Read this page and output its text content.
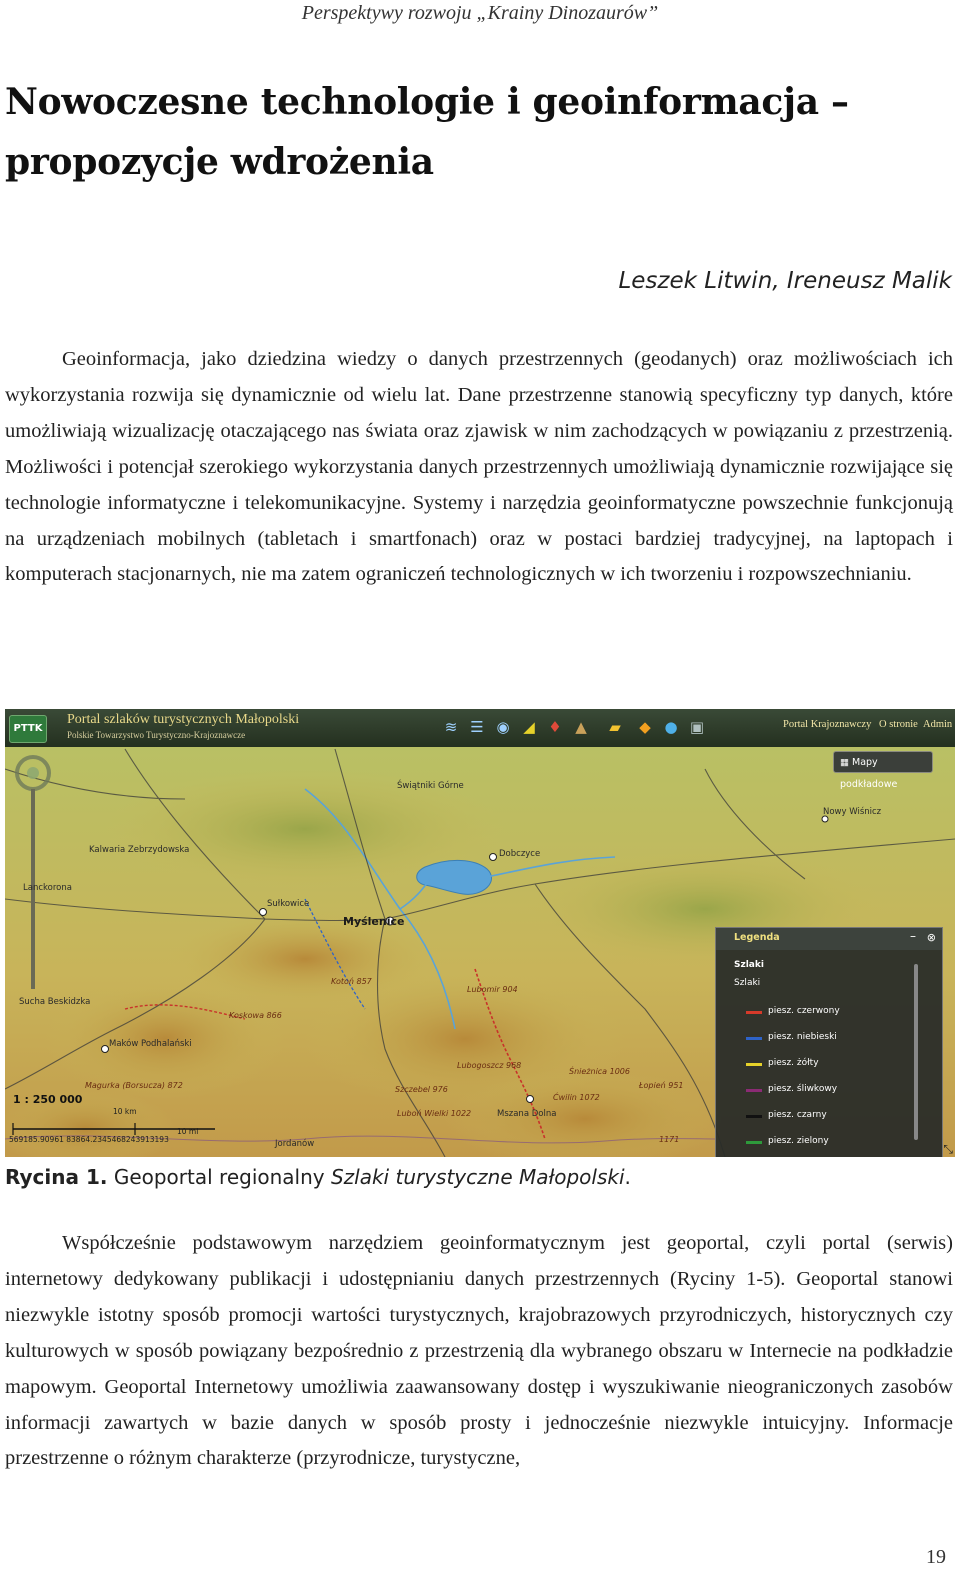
Perspektywy rozwoju „Krainy Dinozaurów”
Nowoczesne technologie i geoinformacja – propozycje wdrożenia
Leszek Litwin, Ireneusz Malik

Geoinformacja, jako dziedzina wiedzy o danych przestrzennych (geodanych) oraz możliwościach ich wykorzystania rozwija się dynamicznie od wielu lat. Dane przestrzenne stanowią specyficzny typ danych, które umożliwiają wizualizację otaczającego nas świata oraz zjawisk w nim zachodzących w powiązaniu z przestrzenią. Możliwości i potencjał szerokiego wykorzystania danych przestrzennych umożliwiają dynamicznie rozwijające się technologie informatyczne i telekomunikacyjne. Systemy i narzędzia geoinformatyczne powszechnie funkcjonują na urządzeniach mobilnych (tabletach i smartfonach) oraz w postaci bardziej tradycyjnej, na laptopach i komputerach stacjonarnych, nie ma zatem ograniczeń technologicznych w ich tworzeniu i rozpowszechnianiu.

PTTK
Portal szlaków turystycznych Małopolski
Polskie Towarzystwo Turystyczno-Krajoznawcze	≋ ☰ ◉ ◢ ♦ ▲ ▰ ◆ ● ▣	Portal Krajoznawczy O stronie Admin
▦ Mapy podkładowe
Świątniki Górne
Nowy Wiśnicz
Kalwaria Zebrzydowska
Lanckorona
Sułkowice
Myślenice
Dobczyce
Sucha Beskidzka
Maków Podhalański
Kotoń 857
Koskowa 866
Lubomir 904
Lubogoszcz 968
Śnieżnica 1006
Łopień 951
Magurka (Borsucza) 872	Szczebel 976
Luboń Wielki 1022	Mszana Dolna
Ćwilin 1072
Jordanów	1171
1 : 250 000
10 km
10 mi
569185.90961 83864.2345468243913193
Legenda	– ⊗
Szlaki
Szlaki
piesz. czerwony
piesz. niebieski
piesz. żółty
piesz. śliwkowy
piesz. czarny
piesz. zielony
⤡
Rycina 1. Geoportal regionalny Szlaki turystyczne Małopolski.

Współcześnie podstawowym narzędziem geoinformatycznym jest geoportal, czyli portal (serwis) internetowy dedykowany publikacji i udostępnianiu danych przestrzennych (Ryciny 1-5). Geoportal stanowi niezwykle istotny sposób promocji wartości turystycznych, krajobrazowych przyrodniczych, historycznych czy kulturowych w sposób powiązany bezpośrednio z przestrzenią dla wybranego obszaru w Internecie na podkładzie mapowym. Geoportal Internetowy umożliwia zaawansowany dostęp i wyszukiwanie nieograniczonych zasobów informacji zawartych w bazie danych w sposób prosty i jednocześnie niezwykle intuicyjny. Informacje przestrzenne o różnym charakterze (przyrodnicze, turystyczne,

19
